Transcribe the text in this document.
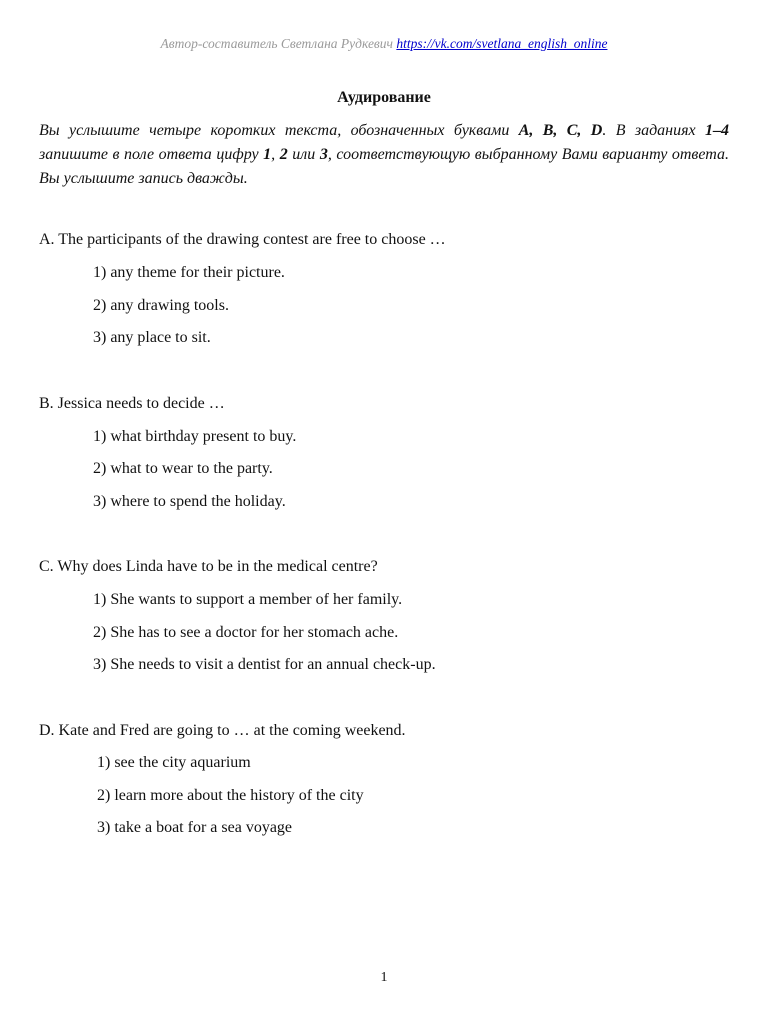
Автор-составитель Светлана Рудкевич https://vk.com/svetlana_english_online
Аудирование
Вы услышите четыре коротких текста, обозначенных буквами A, B, C, D. В заданиях 1–4 запишите в поле ответа цифру 1, 2 или 3, соответствующую выбранному Вами варианту ответа. Вы услышите запись дважды.
A. The participants of the drawing contest are free to choose …
1) any theme for their picture.
2) any drawing tools.
3) any place to sit.
B. Jessica needs to decide …
1) what birthday present to buy.
2) what to wear to the party.
3) where to spend the holiday.
C. Why does Linda have to be in the medical centre?
1) She wants to support a member of her family.
2) She has to see a doctor for her stomach ache.
3) She needs to visit a dentist for an annual check-up.
D. Kate and Fred are going to … at the coming weekend.
1) see the city aquarium
2) learn more about the history of the city
3) take a boat for a sea voyage
1
